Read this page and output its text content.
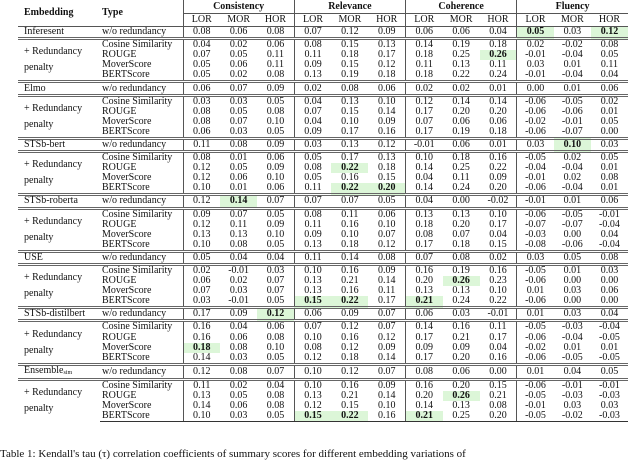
Embedding	Type	Consistency			Relevance			Coherence			Fluency		
		LOR	MOR	HOR	LOR	MOR	HOR	LOR	MOR	HOR	LOR	MOR	HOR
Inferesent	w/o redundancy	0.08	0.06	0.08	0.07	0.12	0.09	0.06	0.06	0.04	0.05	0.03	0.12
+ Redundancy penalty	Cosine Similarity	0.04	0.02	0.06	0.08	0.15	0.13	0.14	0.19	0.18	0.02	-0.02	0.08
	ROUGE	0.07	0.05	0.11	0.11	0.18	0.17	0.18	0.25	0.26	-0.01	-0.04	0.05
	MoverScore	0.05	0.06	0.11	0.09	0.15	0.12	0.11	0.13	0.11	0.03	0.01	0.11
	BERTScore	0.05	0.02	0.08	0.13	0.19	0.18	0.18	0.22	0.24	-0.01	-0.04	0.04
Elmo	w/o redundancy	0.06	0.07	0.09	0.02	0.08	0.06	0.02	0.02	0.01	0.00	0.01	0.06
+ Redundancy penalty	Cosine Similarity	0.03	0.03	0.05	0.04	0.13	0.10	0.12	0.14	0.14	-0.06	-0.05	0.02
	ROUGE	0.08	0.05	0.08	0.07	0.15	0.14	0.17	0.20	0.20	-0.06	-0.06	0.01
	MoverScore	0.08	0.07	0.10	0.04	0.10	0.09	0.07	0.06	0.06	-0.02	-0.01	0.05
	BERTScore	0.06	0.03	0.05	0.09	0.17	0.16	0.17	0.19	0.18	-0.06	-0.07	0.00
STSb-bert	w/o redundancy	0.11	0.08	0.09	0.03	0.13	0.12	-0.01	0.06	0.01	0.03	0.10	0.03
+ Redundancy penalty	Cosine Similarity	0.08	0.01	0.06	0.05	0.17	0.13	0.10	0.18	0.16	-0.05	0.02	0.05
	ROUGE	0.12	0.05	0.09	0.08	0.22	0.18	0.14	0.25	0.22	-0.04	-0.04	0.01
	MoverScore	0.12	0.06	0.10	0.05	0.16	0.15	0.04	0.11	0.09	-0.01	0.02	0.08
	BERTScore	0.10	0.01	0.06	0.11	0.22	0.20	0.14	0.24	0.20	-0.06	-0.04	0.01
STSb-roberta	w/o redundancy	0.12	0.14	0.07	0.07	0.07	0.05	0.04	0.00	-0.02	-0.01	0.01	0.06
+ Redundancy penalty	Cosine Similarity	0.09	0.07	0.05	0.08	0.11	0.06	0.13	0.13	0.10	-0.06	-0.05	-0.01
	ROUGE	0.12	0.11	0.09	0.11	0.16	0.10	0.18	0.20	0.17	-0.07	-0.07	-0.04
	MoverScore	0.13	0.13	0.10	0.09	0.10	0.07	0.08	0.07	0.04	-0.03	0.00	0.04
	BERTScore	0.10	0.08	0.05	0.13	0.18	0.12	0.17	0.18	0.15	-0.08	-0.06	-0.04
USE	w/o redundancy	0.05	0.04	0.04	0.11	0.14	0.08	0.07	0.08	0.02	0.03	0.05	0.08
+ Redundancy penalty	Cosine Similarity	0.02	-0.01	0.03	0.10	0.16	0.09	0.16	0.19	0.16	-0.05	0.01	0.03
	ROUGE	0.06	0.02	0.07	0.13	0.21	0.14	0.20	0.26	0.23	-0.06	0.00	0.00
	MoverScore	0.07	0.03	0.07	0.13	0.16	0.11	0.13	0.13	0.10	0.01	0.03	0.06
	BERTScore	0.03	-0.01	0.05	0.15	0.22	0.17	0.21	0.24	0.22	-0.06	0.00	0.00
STSb-distilbert	w/o redundancy	0.17	0.09	0.12	0.06	0.09	0.07	0.06	0.03	-0.01	0.01	0.03	0.04
+ Redundancy penalty	Cosine Similarity	0.16	0.04	0.06	0.07	0.12	0.07	0.14	0.16	0.11	-0.05	-0.03	-0.04
	ROUGE	0.16	0.06	0.08	0.10	0.16	0.12	0.17	0.21	0.17	-0.06	-0.04	-0.05
	MoverScore	0.18	0.08	0.10	0.08	0.12	0.09	0.09	0.09	0.04	-0.02	0.01	0.01
	BERTScore	0.14	0.03	0.05	0.12	0.18	0.14	0.17	0.20	0.16	-0.06	-0.05	-0.05
Ensemble$_{sim}$	w/o redundancy	0.12	0.08	0.07	0.10	0.12	0.07	0.08	0.06	0.00	0.01	0.04	0.05
+ Redundancy penalty	Cosine Similarity	0.11	0.02	0.04	0.10	0.16	0.09	0.16	0.20	0.15	-0.06	-0.01	-0.01
	ROUGE	0.13	0.05	0.08	0.13	0.21	0.14	0.20	0.26	0.21	-0.05	-0.03	-0.03
	MoverScore	0.14	0.06	0.08	0.12	0.15	0.10	0.14	0.13	0.08	-0.01	0.03	0.03
	BERTScore	0.10	0.03	0.05	0.15	0.22	0.16	0.21	0.25	0.20	-0.05	-0.02	-0.03
Table 1: Kendall's tau (τ) correlation coefficients of summary scores for different embedding variations of
